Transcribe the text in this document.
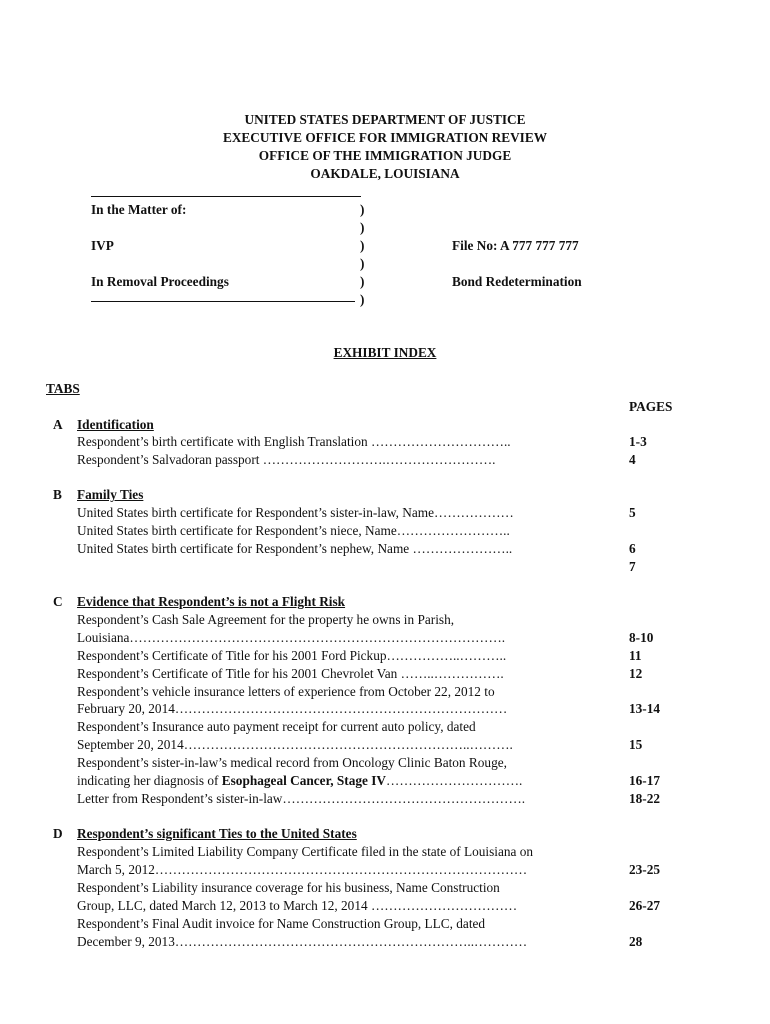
UNITED STATES DEPARTMENT OF JUSTICE
EXECUTIVE OFFICE FOR IMMIGRATION REVIEW
OFFICE OF THE IMMIGRATION JUDGE
OAKDALE, LOUISIANA
In the Matter of:
IVP
In Removal Proceedings
)
)
)
)
)
)
File No: A 777 777 777
Bond Redetermination
EXHIBIT INDEX
TABS
PAGES
A Identification
Respondent’s birth certificate with English Translation …………………………..	1-3
Respondent’s Salvadoran passport ……………………….…………………….	4
B Family Ties
United States birth certificate for Respondent’s sister-in-law, Name………………	5
United States birth certificate for Respondent’s niece, Name……………………..
United States birth certificate for Respondent’s nephew, Name …………………..	6
7
C Evidence that Respondent’s is not a Flight Risk
Respondent’s Cash Sale Agreement for the property he owns in Parish,
Louisiana………………………………………………………………………….	8-10
Respondent’s Certificate of Title for his 2001 Ford Pickup……………..………..	11
Respondent’s Certificate of Title for his 2001 Chevrolet Van ……..…………….	12
Respondent’s vehicle insurance letters of experience from October 22, 2012 to
February 20, 2014…………………………………………………………………	13-14
Respondent’s Insurance auto payment receipt for current auto policy, dated
September 20, 2014………………………………………………………..……….	15
Respondent’s sister-in-law’s medical record from Oncology Clinic Baton Rouge,
indicating her diagnosis of Esophageal Cancer, Stage IV………………………….	16-17
Letter from Respondent’s sister-in-law……………………………………………….	18-22
D Respondent’s significant Ties to the United States
Respondent’s Limited Liability Company Certificate filed in the state of Louisiana on
March 5, 2012…………………………………………………………………………	23-25
Respondent’s Liability insurance coverage for his business, Name Construction
Group, LLC, dated March 12, 2013 to March 12, 2014 ……………………………	26-27
Respondent’s Final Audit invoice for Name Construction Group, LLC, dated
December 9, 2013…………………………………………………………..…………	28
